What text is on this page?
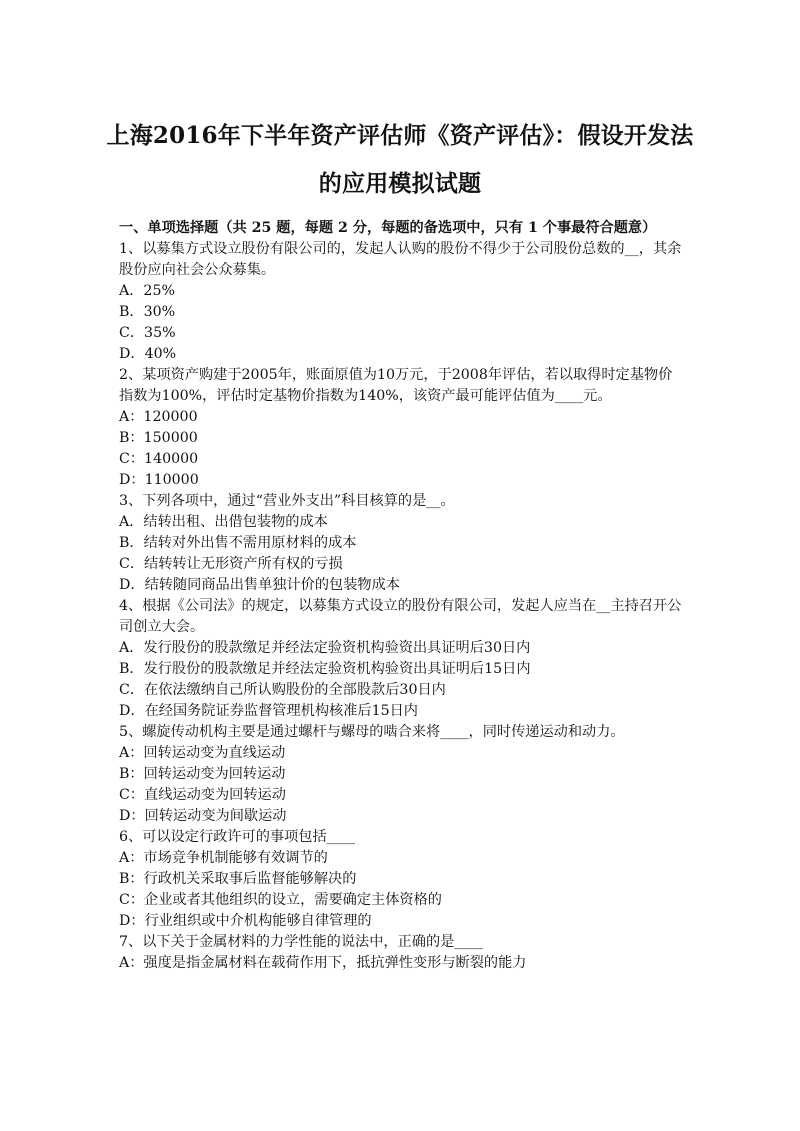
上海2016年下半年资产评估师《资产评估》：假设开发法
的应用模拟试题

一、单项选择题（共 25 题，每题 2 分，每题的备选项中，只有 1 个事最符合题意）

1、以募集方式设立股份有限公司的，发起人认购的股份不得少于公司股份总数的__，其余股份应向社会公众募集。

A．25%

B．30%

C．35%

D．40%

2、某项资产购建于2005年，账面原值为10万元，于2008年评估，若以取得时定基物价指数为100%，评估时定基物价指数为140%，该资产最可能评估值为____元。

A：120000

B：150000

C：140000

D：110000

3、下列各项中，通过“营业外支出”科目核算的是__。

A．结转出租、出借包装物的成本

B．结转对外出售不需用原材料的成本

C．结转转让无形资产所有权的亏损

D．结转随同商品出售单独计价的包装物成本

4、根据《公司法》的规定，以募集方式设立的股份有限公司，发起人应当在__主持召开公司创立大会。

A．发行股份的股款缴足并经法定验资机构验资出具证明后30日内

B．发行股份的股款缴足并经法定验资机构验资出具证明后15日内

C．在依法缴纳自己所认购股份的全部股款后30日内

D．在经国务院证券监督管理机构核准后15日内

5、螺旋传动机构主要是通过螺杆与螺母的啮合来将____，同时传递运动和动力。

A：回转运动变为直线运动

B：回转运动变为回转运动

C：直线运动变为回转运动

D：回转运动变为间歇运动

6、可以设定行政许可的事项包括____

A：市场竞争机制能够有效调节的

B：行政机关采取事后监督能够解决的

C：企业或者其他组织的设立，需要确定主体资格的

D：行业组织或中介机构能够自律管理的

7、以下关于金属材料的力学性能的说法中，正确的是____

A：强度是指金属材料在载荷作用下，抵抗弹性变形与断裂的能力
